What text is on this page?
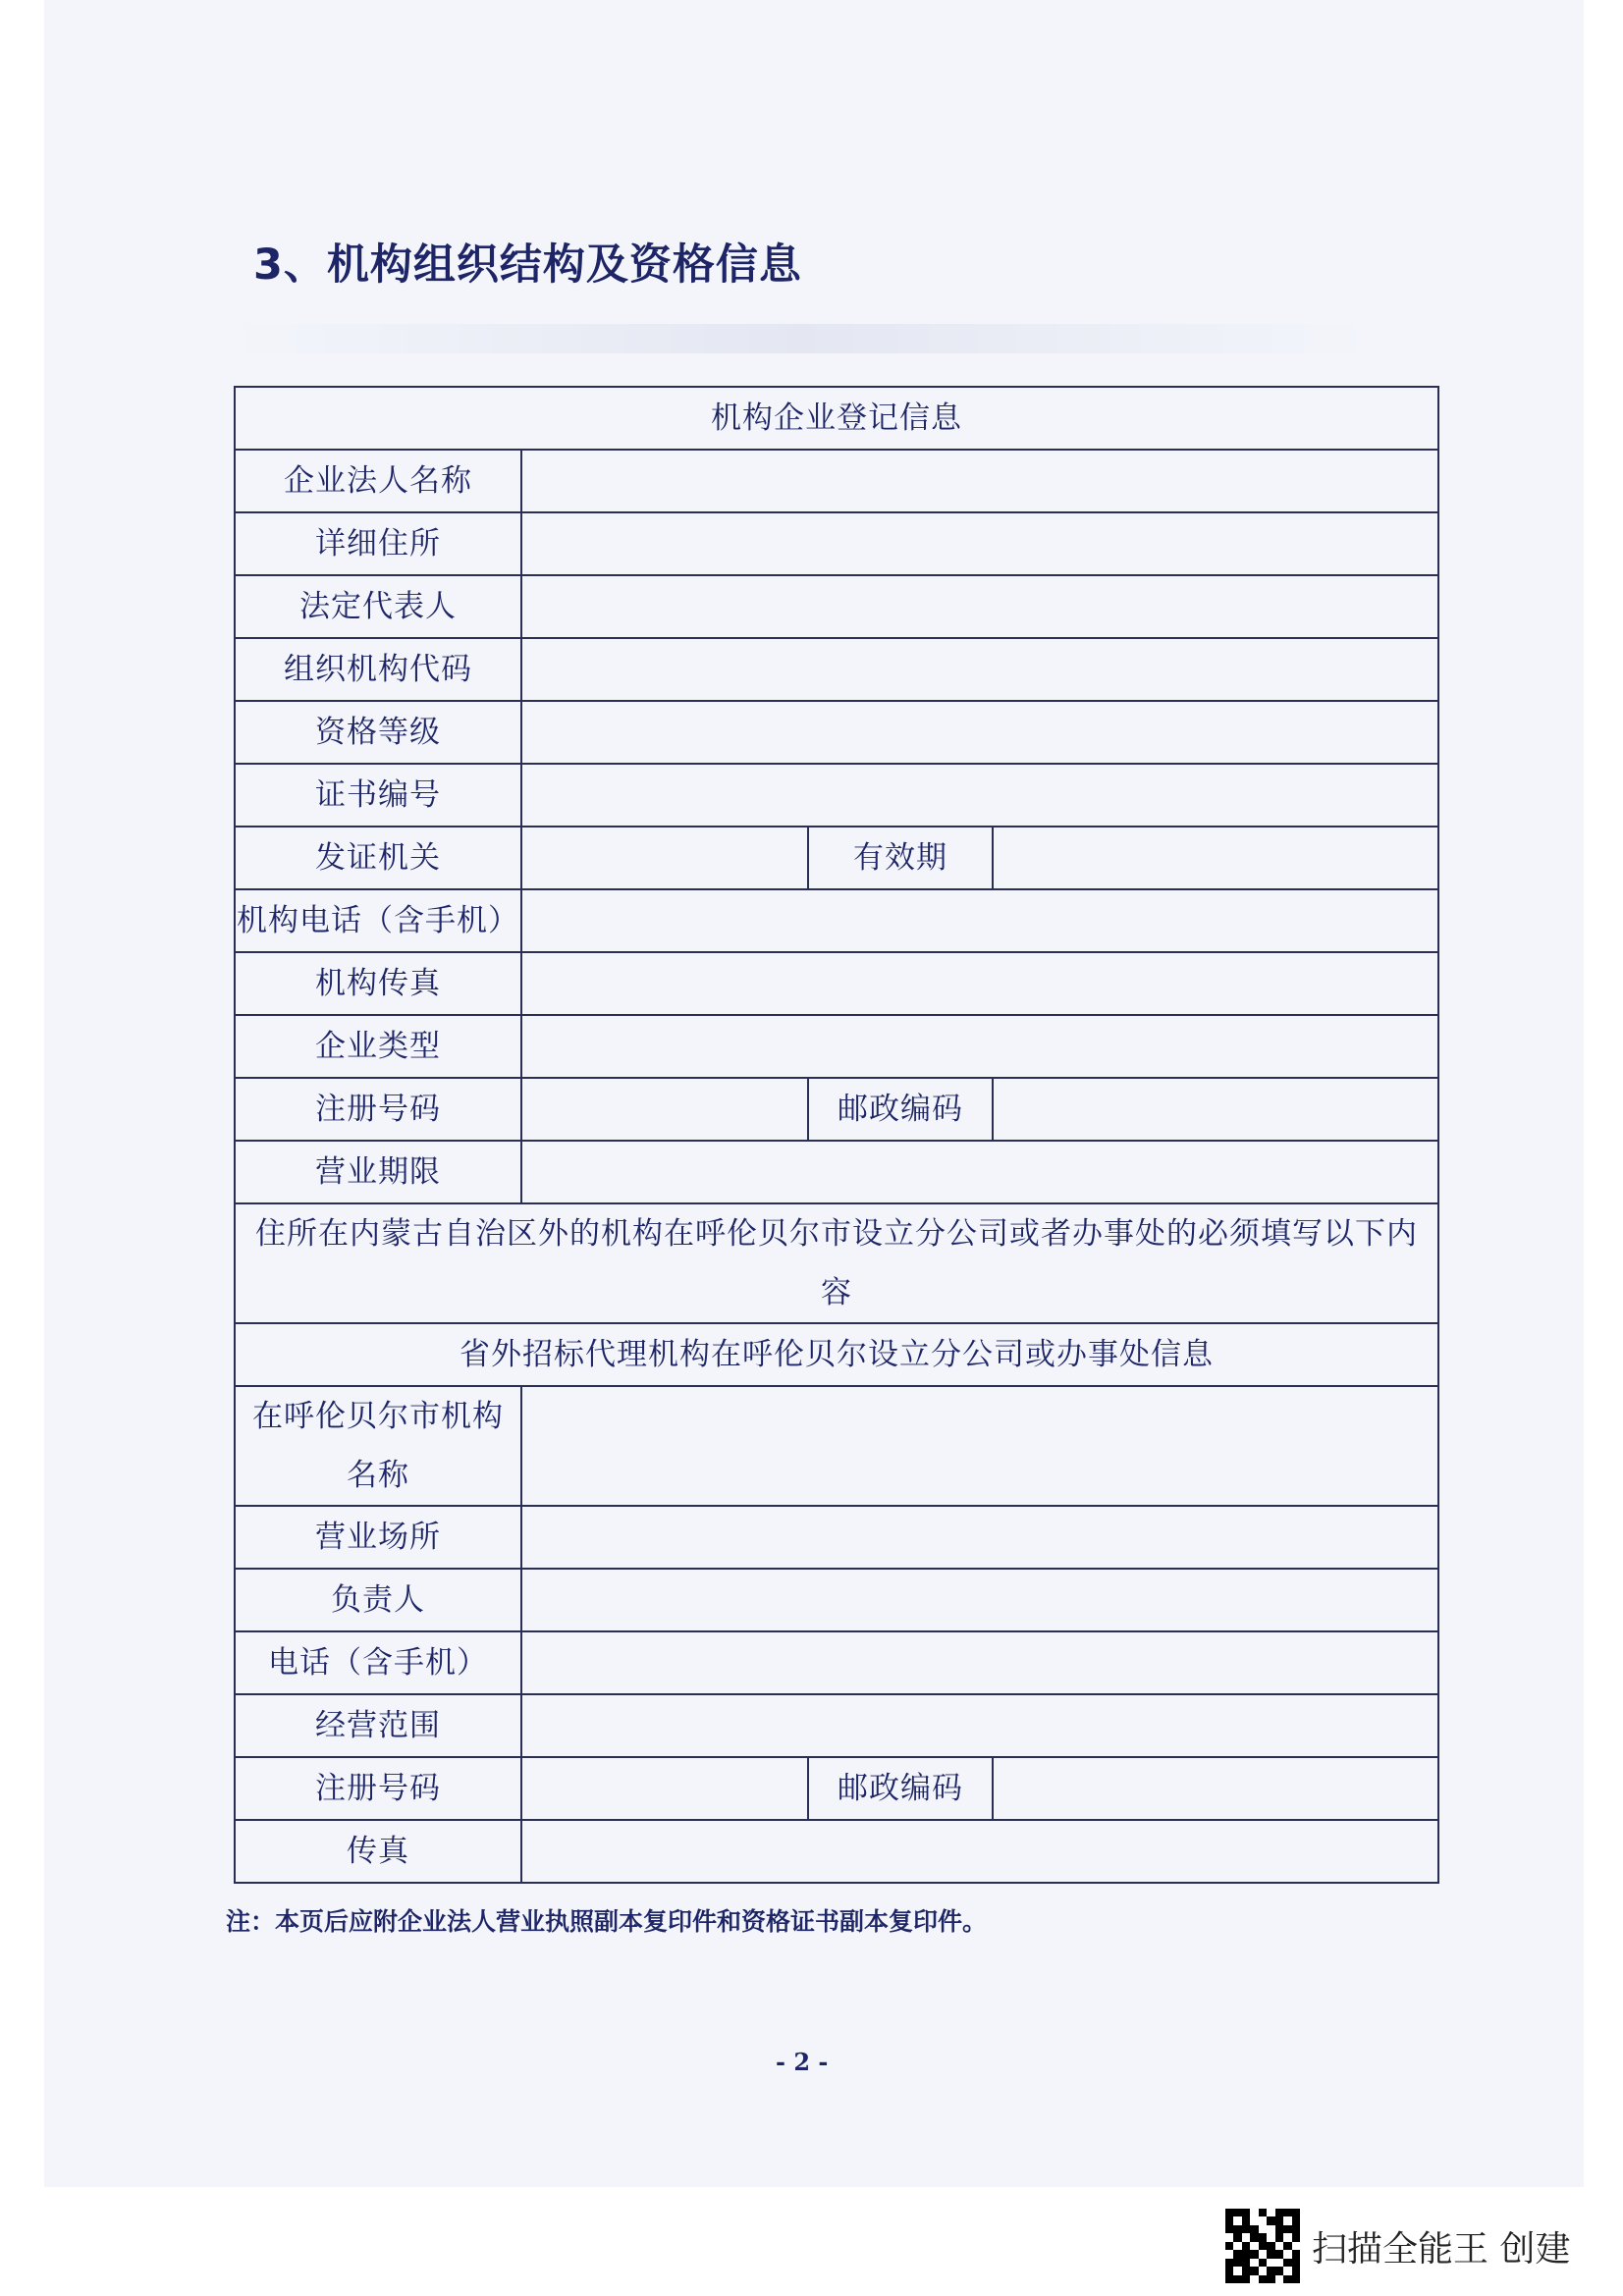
3、机构组织结构及资格信息
机构企业登记信息			
企业法人名称			
详细住所			
法定代表人			
组织机构代码			
资格等级			
证书编号			
发证机关		有效期	
机构电话（含手机）			
机构传真			
企业类型			
注册号码		邮政编码	
营业期限			
住所在内蒙古自治区外的机构在呼伦贝尔市设立分公司或者办事处的必须填写以下内容			
省外招标代理机构在呼伦贝尔设立分公司或办事处信息			
在呼伦贝尔市机构名称			
营业场所			
负责人			
电话（含手机）			
经营范围			
注册号码		邮政编码	
传真			
注：本页后应附企业法人营业执照副本复印件和资格证书副本复印件。
- 2 -
扫描全能王 创建
